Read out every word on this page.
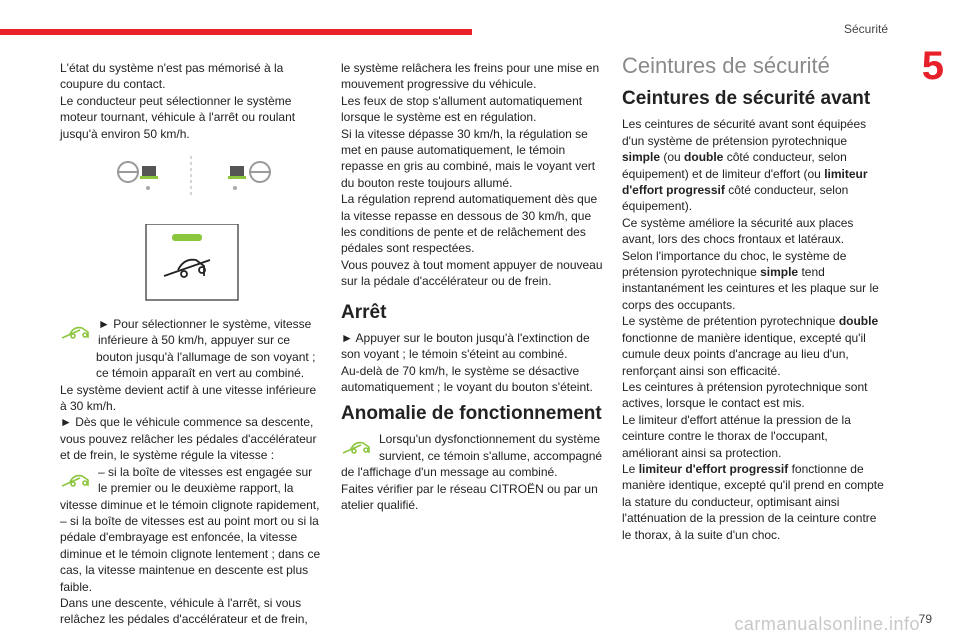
Sécurité
5

L'état du système n'est pas mémorisé à la coupure du contact.

Le conducteur peut sélectionner le système moteur tournant, véhicule à l'arrêt ou roulant jusqu'à environ 50 km/h.

► Pour sélectionner le système, vitesse inférieure à 50 km/h, appuyer sur ce bouton jusqu'à l'allumage de son voyant ; ce témoin apparaît en vert au combiné.

Le système devient actif à une vitesse inférieure à 30 km/h.

► Dès que le véhicule commence sa descente, vous pouvez relâcher les pédales d'accélérateur et de frein, le système régule la vitesse :

– si la boîte de vitesses est engagée sur le premier ou le deuxième rapport, la vitesse diminue et le témoin clignote rapidement,

– si la boîte de vitesses est au point mort ou si la pédale d'embrayage est enfoncée, la vitesse diminue et le témoin clignote lentement ; dans ce cas, la vitesse maintenue en descente est plus faible.

Dans une descente, véhicule à l'arrêt, si vous relâchez les pédales d'accélérateur et de frein,

le système relâchera les freins pour une mise en mouvement progressive du véhicule.

Les feux de stop s'allument automatiquement lorsque le système est en régulation.

Si la vitesse dépasse 30 km/h, la régulation se met en pause automatiquement, le témoin repasse en gris au combiné, mais le voyant vert du bouton reste toujours allumé.

La régulation reprend automatiquement dès que la vitesse repasse en dessous de 30 km/h, que les conditions de pente et de relâchement des pédales sont respectées.

Vous pouvez à tout moment appuyer de nouveau sur la pédale d'accélérateur ou de frein.

Arrêt

► Appuyer sur le bouton jusqu'à l'extinction de son voyant ; le témoin s'éteint au combiné.

Au-delà de 70 km/h, le système se désactive automatiquement ; le voyant du bouton s'éteint.

Anomalie de fonctionnement

Lorsqu'un dysfonctionnement du système survient, ce témoin s'allume, accompagné de l'affichage d'un message au combiné.

Faites vérifier par le réseau CITROËN ou par un atelier qualifié.

Ceintures de sécurité
Ceintures de sécurité avant

Les ceintures de sécurité avant sont équipées d'un système de prétension pyrotechnique simple (ou double côté conducteur, selon équipement) et de limiteur d'effort (ou limiteur d'effort progressif côté conducteur, selon équipement).

Ce système améliore la sécurité aux places avant, lors des chocs frontaux et latéraux.

Selon l'importance du choc, le système de prétension pyrotechnique simple tend instantanément les ceintures et les plaque sur le corps des occupants.

Le système de prétention pyrotechnique double fonctionne de manière identique, excepté qu'il cumule deux points d'ancrage au lieu d'un, renforçant ainsi son efficacité.

Les ceintures à prétension pyrotechnique sont actives, lorsque le contact est mis.

Le limiteur d'effort atténue la pression de la ceinture contre le thorax de l'occupant, améliorant ainsi sa protection.

Le limiteur d'effort progressif fonctionne de manière identique, excepté qu'il prend en compte la stature du conducteur, optimisant ainsi l'atténuation de la pression de la ceinture contre le thorax, à la suite d'un choc.

carmanualsonline.info
79
